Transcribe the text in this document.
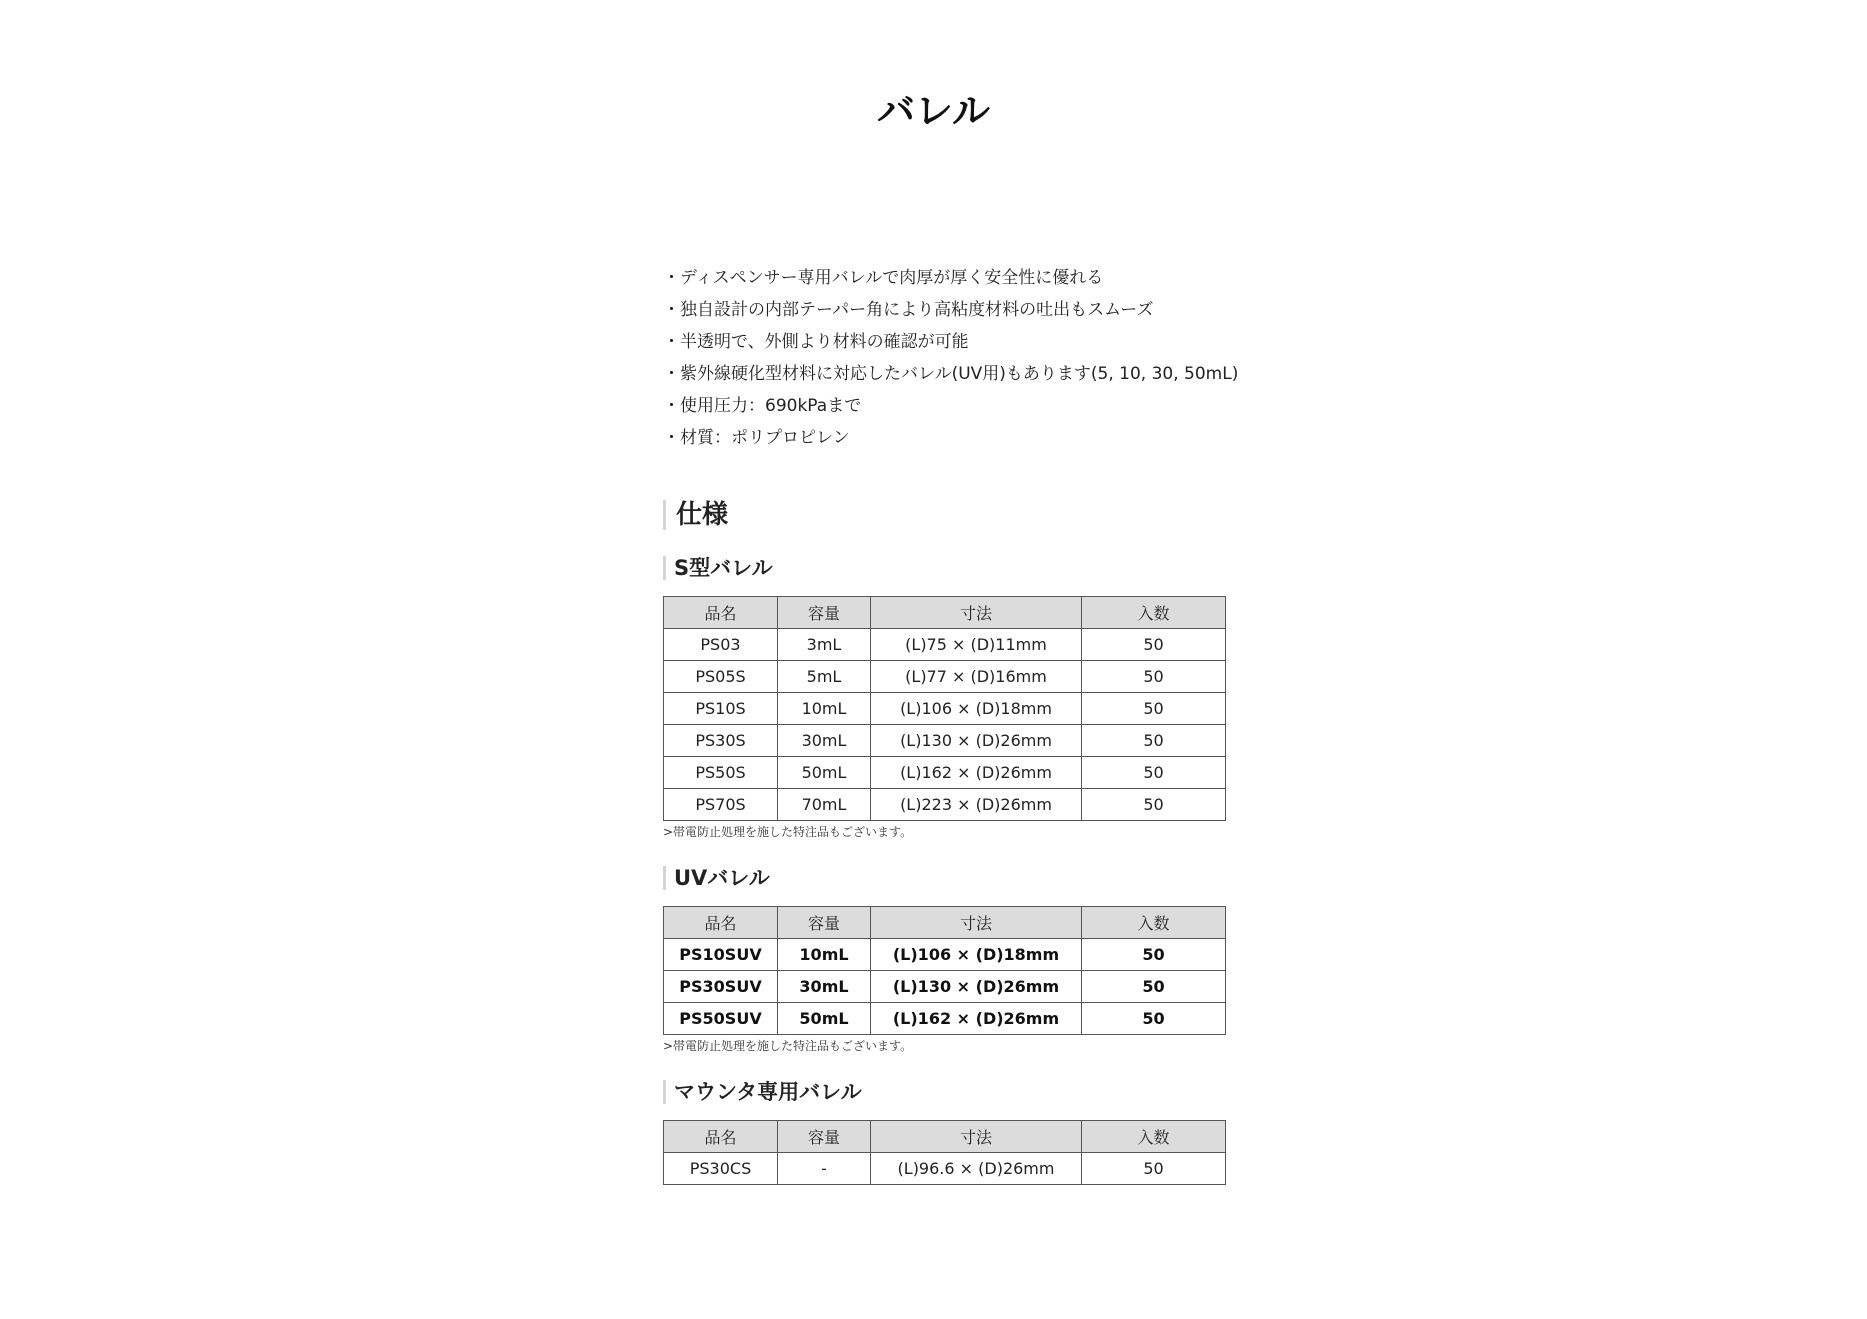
バレル
・ディスペンサー専用バレルで肉厚が厚く安全性に優れる
・独自設計の内部テーパー角により高粘度材料の吐出もスムーズ
・半透明で、外側より材料の確認が可能
・紫外線硬化型材料に対応したバレル(UV用)もあります(5, 10, 30, 50mL)
・使用圧力：690kPaまで
・材質：ポリプロピレン
仕様
S型バレル
品名	容量	寸法	入数
PS03	3mL	(L)75 × (D)11mm	50
PS05S	5mL	(L)77 × (D)16mm	50
PS10S	10mL	(L)106 × (D)18mm	50
PS30S	30mL	(L)130 × (D)26mm	50
PS50S	50mL	(L)162 × (D)26mm	50
PS70S	70mL	(L)223 × (D)26mm	50
>帯電防止処理を施した特注品もございます。
UVバレル
品名	容量	寸法	入数
PS10SUV	10mL	(L)106 × (D)18mm	50
PS30SUV	30mL	(L)130 × (D)26mm	50
PS50SUV	50mL	(L)162 × (D)26mm	50
>帯電防止処理を施した特注品もございます。
マウンタ専用バレル
品名	容量	寸法	入数
PS30CS	-	(L)96.6 × (D)26mm	50
